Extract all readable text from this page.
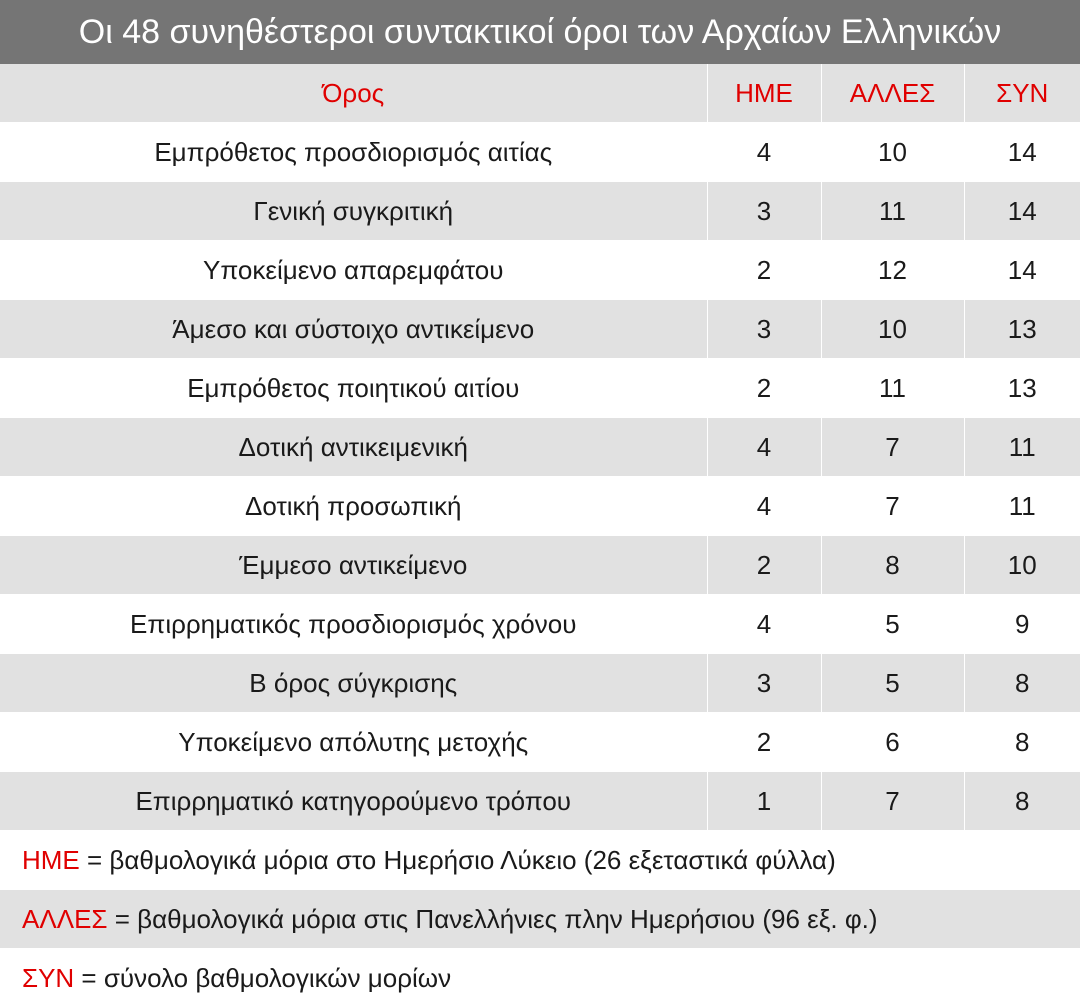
Οι 48 συνηθέστεροι συντακτικοί όροι των Αρχαίων Ελληνικών
Όρος	ΗΜΕ	ΑΛΛΕΣ	ΣΥΝ
Εμπρόθετος προσδιορισμός αιτίας	4	10	14
Γενική συγκριτική	3	11	14
Υποκείμενο απαρεμφάτου	2	12	14
Άμεσο και σύστοιχο αντικείμενο	3	10	13
Εμπρόθετος ποιητικού αιτίου	2	11	13
Δοτική αντικειμενική	4	7	11
Δοτική προσωπική	4	7	11
Έμμεσο αντικείμενο	2	8	10
Επιρρηματικός προσδιορισμός χρόνου	4	5	9
Β όρος σύγκρισης	3	5	8
Υποκείμενο απόλυτης μετοχής	2	6	8
Επιρρηματικό κατηγορούμενο τρόπου	1	7	8
ΗΜΕ = βαθμολογικά μόρια στο Ημερήσιο Λύκειο (26 εξεταστικά φύλλα)
ΑΛΛΕΣ = βαθμολογικά μόρια στις Πανελλήνιες πλην Ημερήσιου (96 εξ. φ.)
ΣΥΝ = σύνολο βαθμολογικών μορίων
